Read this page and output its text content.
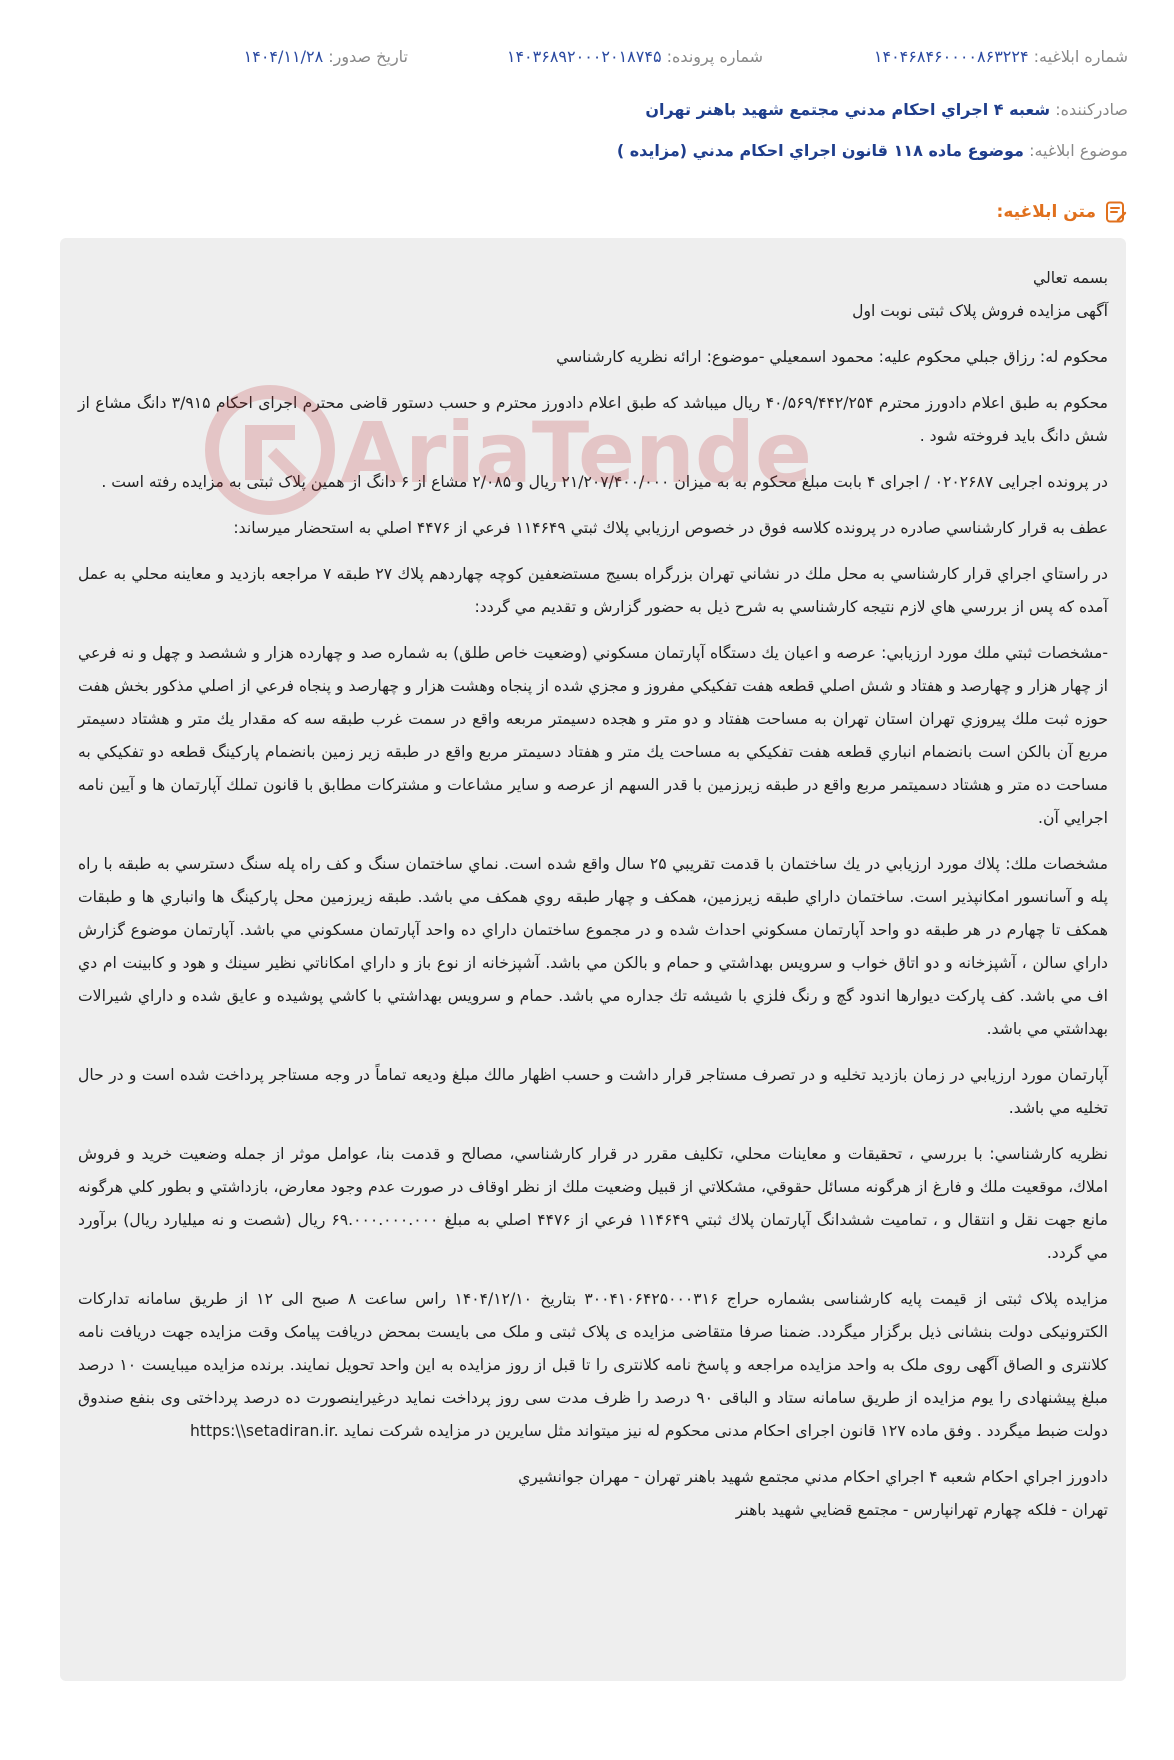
شماره ابلاغيه: ۱۴۰۴۶۸۴۶۰۰۰۰۸۶۳۲۲۴
شماره پرونده: ۱۴۰۳۶۸۹۲۰۰۰۲۰۱۸۷۴۵
تاریخ صدور: ۱۴۰۴/۱۱/۲۸
صادرکننده:

شعبه ۴ اجراي احكام مدني مجتمع شهيد باهنر تهران
موضوع ابلاغیه:

موضوع ماده ۱۱۸ قانون اجراي احكام مدني (مزايده )
متن ابلاغیه:

بسمه تعالي

آگهی مزایده فروش پلاک ثبتی نوبت اول

محكوم له: رزاق جبلي محكوم عليه: محمود اسمعيلي -موضوع: ارائه نظريه كارشناسي

محکوم به طبق اعلام دادورز محترم ۴۰/۵۶۹/۴۴۲/۲۵۴ ریال میباشد که طبق اعلام دادورز محترم و حسب دستور قاضی محترم اجرای احکام ۳/۹۱۵ دانگ مشاع از شش دانگ باید فروخته شود .

در پرونده اجرایی ۰۲۰۲۶۸۷ / اجرای ۴ بابت مبلغ محکوم به به میزان ۲۱/۲۰۷/۴۰۰/۰۰۰ ریال و ۲/۰۸۵ مشاع از ۶ دانگ از همین پلاک ثبتی به مزایده رفته است .

عطف به قرار كارشناسي صادره در پرونده كلاسه فوق در خصوص ارزيابي پلاك ثبتي ۱۱۴۶۴۹ فرعي از ۴۴۷۶ اصلي به استحضار ميرساند:

در راستاي اجراي قرار كارشناسي به محل ملك در نشاني تهران بزرگراه بسيج مستضعفين كوچه چهاردهم پلاك ۲۷ طبقه ۷ مراجعه بازديد و معاينه محلي به عمل آمده كه پس از بررسي هاي لازم نتيجه كارشناسي به شرح ذيل به حضور گزارش و تقديم مي گردد:

-مشخصات ثبتي ملك مورد ارزيابي: عرصه و اعيان يك دستگاه آپارتمان مسكوني (وضعيت خاص طلق) به شماره صد و چهارده هزار و ششصد و چهل و نه فرعي از چهار هزار و چهارصد و هفتاد و شش اصلي قطعه هفت تفكيكي مفروز و مجزي شده از پنجاه وهشت هزار و چهارصد و پنجاه فرعي از اصلي مذكور بخش هفت حوزه ثبت ملك پيروزي تهران استان تهران به مساحت هفتاد و دو متر و هجده دسيمتر مربعه واقع در سمت غرب طبقه سه كه مقدار يك متر و هشتاد دسيمتر مربع آن بالكن است بانضمام انباري قطعه هفت تفكيكي به مساحت يك متر و هفتاد دسيمتر مربع واقع در طبقه زير زمين بانضمام پاركينگ قطعه دو تفكيكي به مساحت ده متر و هشتاد دسميتمر مربع واقع در طبقه زيرزمين با قدر السهم از عرصه و ساير مشاعات و مشتركات مطابق با قانون تملك آپارتمان ها و آيين نامه اجرايي آن.

مشخصات ملك: پلاك مورد ارزيابي در يك ساختمان با قدمت تقريبي ۲۵ سال واقع شده است. نماي ساختمان سنگ و كف راه پله سنگ دسترسي به طبقه با راه پله و آسانسور امكانپذير است. ساختمان داراي طبقه زيرزمين، همكف و چهار طبقه روي همكف مي باشد. طبقه زيرزمين محل پاركينگ ها وانباري ها و طبقات همكف تا چهارم در هر طبقه دو واحد آپارتمان مسكوني احداث شده و در مجموع ساختمان داراي ده واحد آپارتمان مسكوني مي باشد. آپارتمان موضوع گزارش داراي سالن ، آشپزخانه و دو اتاق خواب و سرويس بهداشتي و حمام و بالكن مي باشد. آشپزخانه از نوع باز و داراي امكاناتي نظير سينك و هود و كابينت ام دي اف مي باشد. كف پاركت ديوارها اندود گچ و رنگ فلزي با شيشه تك جداره مي باشد. حمام و سرويس بهداشتي با كاشي پوشيده و عايق شده و داراي شيرالات بهداشتي مي باشد.

آپارتمان مورد ارزيابي در زمان بازديد تخليه و در تصرف مستاجر قرار داشت و حسب اظهار مالك مبلغ وديعه تماماً در وجه مستاجر پرداخت شده است و در حال تخليه مي باشد.

نظريه كارشناسي: با بررسي ، تحقيقات و معاينات محلي، تكليف مقرر در قرار كارشناسي، مصالح و قدمت بنا، عوامل موثر از جمله وضعيت خريد و فروش املاك، موقعيت ملك و فارغ از هرگونه مسائل حقوقي، مشكلاتي از قبيل وضعيت ملك از نظر اوقاف در صورت عدم وجود معارض، بازداشتي و بطور كلي هرگونه مانع جهت نقل و انتقال و ، تماميت ششدانگ آپارتمان پلاك ثبتي ۱۱۴۶۴۹ فرعي از ۴۴۷۶ اصلي به مبلغ ۶۹.۰۰۰.۰۰۰.۰۰۰ ريال (شصت و نه ميليارد ريال) برآورد مي گردد.

مزایده پلاک ثبتی از قیمت پایه کارشناسی بشماره حراج ۳۰۰۴۱۰۶۴۲۵۰۰۰۳۱۶ بتاریخ ۱۴۰۴/۱۲/۱۰ راس ساعت ۸ صبح الی ۱۲ از طریق سامانه تدارکات الکترونیکی دولت بنشانی ذیل برگزار میگردد. ضمنا صرفا متقاضی مزایده ی پلاک ثبتی و ملک می بایست بمحض دریافت پیامک وقت مزایده جهت دریافت نامه کلانتری و الصاق آگهی روی ملک به واحد مزایده مراجعه و پاسخ نامه کلانتری را تا قبل از روز مزایده به این واحد تحویل نمایند. برنده مزایده میبایست ۱۰ درصد مبلغ پیشنهادی را یوم مزایده از طریق سامانه ستاد و الباقی ۹۰ درصد را ظرف مدت سی روز پرداخت نماید درغیراینصورت ده درصد پرداختی وی بنفع صندوق دولت ضبط میگردد . وفق ماده ۱۲۷ قانون اجرای احکام مدنی محکوم له نیز میتواند مثل سایرین در مزایده شرکت نماید https:\\setadiran.ir.

دادورز اجراي احكام شعبه ۴ اجراي احكام مدني مجتمع شهيد باهنر تهران - مهران جوانشيري

تهران - فلكه چهارم تهرانپارس - مجتمع قضايي شهيد باهنر

AriaTende
